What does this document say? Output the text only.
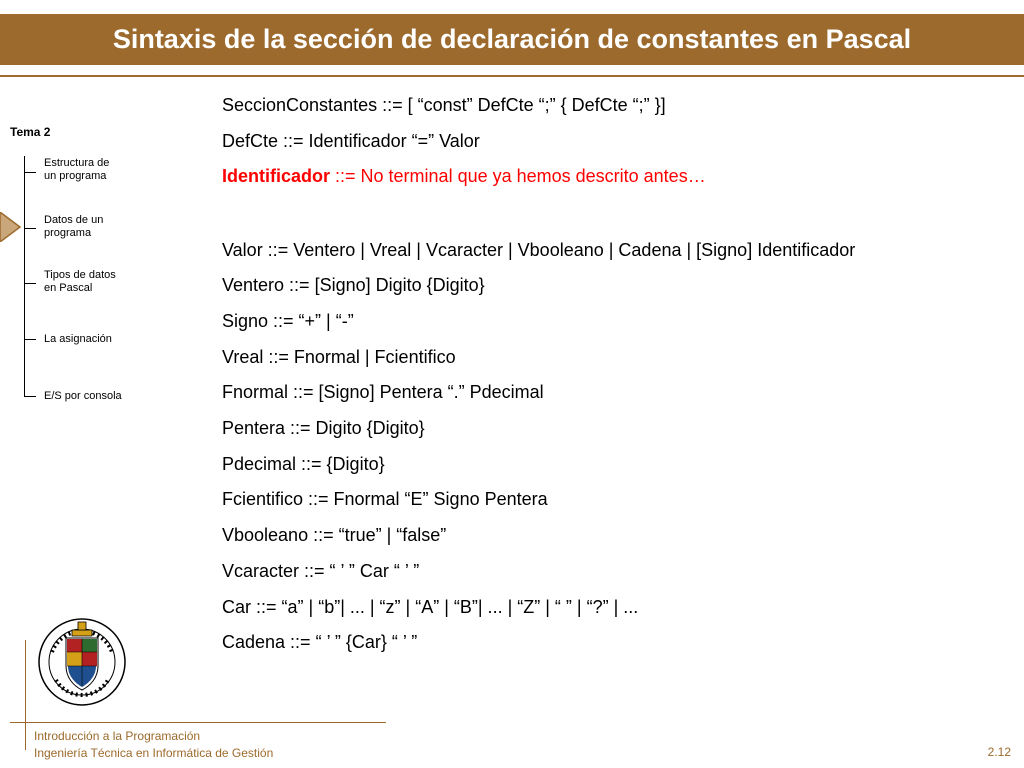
Sintaxis de la sección de declaración de constantes en Pascal
Tema 2
Estructura de
un programa
Datos de un
programa
Tipos de datos
en Pascal
La asignación
E/S por consola
SeccionConstantes ::= [ “const” DefCte “;” { DefCte “;” }]
DefCte ::= Identificador “=” Valor
Identificador ::= No terminal que ya hemos descrito antes…
Valor ::= Ventero | Vreal | Vcaracter | Vbooleano | Cadena | [Signo] Identificador
Ventero ::= [Signo] Digito {Digito}
Signo ::= “+” | “-”
Vreal ::= Fnormal | Fcientifico
Fnormal ::= [Signo] Pentera “.” Pdecimal
Pentera ::= Digito {Digito}
Pdecimal ::= {Digito}
Fcientifico ::= Fnormal “E” Signo Pentera
Vbooleano ::= “true” | “false”
Vcaracter ::= “ ’ ” Car “ ’ ”
Car ::= “a” | “b”| ... | “z” | “A” | “B”| ... | “Z” | “ ” | “?” | ...
Cadena ::= “ ’ ” {Car} “ ’ ”
Introducción a la Programación
Ingeniería Técnica en Informática de Gestión	2.12
